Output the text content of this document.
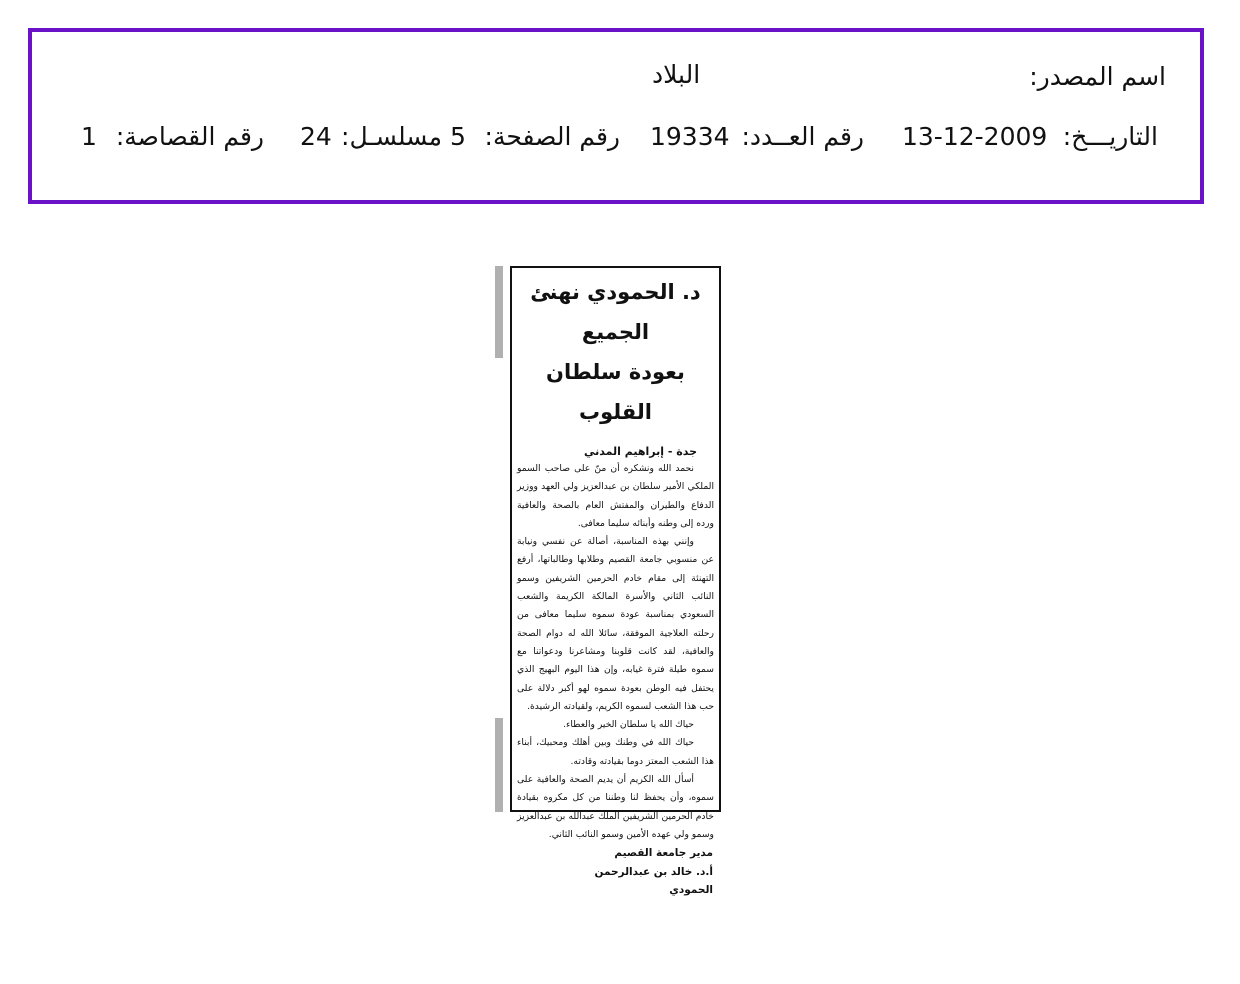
اسم المصدر:
البلاد
التاريـــخ:
13-12-2009
رقم العــدد:
19334
رقم الصفحة:
5
مسلسـل:
24
رقم القصاصة:
1
د. الحمودي نهنئ الجميع
بعودة سلطان القلوب
جدة - إبراهيم المدني

نحمد الله ونشكره أن منّ على صاحب السمو الملكي الأمير سلطان بن عبدالعزيز ولي العهد ووزير الدفاع والطيران والمفتش العام بالصحة والعافية ورده إلى وطنه وأبنائه سليما معافى.

وإنني بهذه المناسبة، أصالة عن نفسي ونيابة عن منسوبي جامعة القصيم وطلابها وطالباتها، أرفع التهنئة إلى مقام خادم الحرمين الشريفين وسمو النائب الثاني والأسرة المالكة الكريمة والشعب السعودي بمناسبة عودة سموه سليما معافى من رحلته العلاجية الموفقة، سائلا الله له دوام الصحة والعافية، لقد كانت قلوبنا ومشاعرنا ودعواتنا مع سموه طيلة فترة غيابه، وإن هذا اليوم البهيج الذي يحتفل فيه الوطن بعودة سموه لهو أكبر دلالة على حب هذا الشعب لسموه الكريم، ولقيادته الرشيدة.

حياك الله يا سلطان الخير والعطاء.

حياك الله في وطنك وبين أهلك ومحبيك، أبناء هذا الشعب المعتز دوما بقيادته وقادته.

أسأل الله الكريم أن يديم الصحة والعافية على سموه، وأن يحفظ لنا وطننا من كل مكروه بقيادة خادم الحرمين الشريفين الملك عبدالله بن عبدالعزيز وسمو ولي عهده الأمين وسمو النائب الثاني.

مدير جامعة القصيم
أ.د. خالد بن عبدالرحمن
الحمودي
